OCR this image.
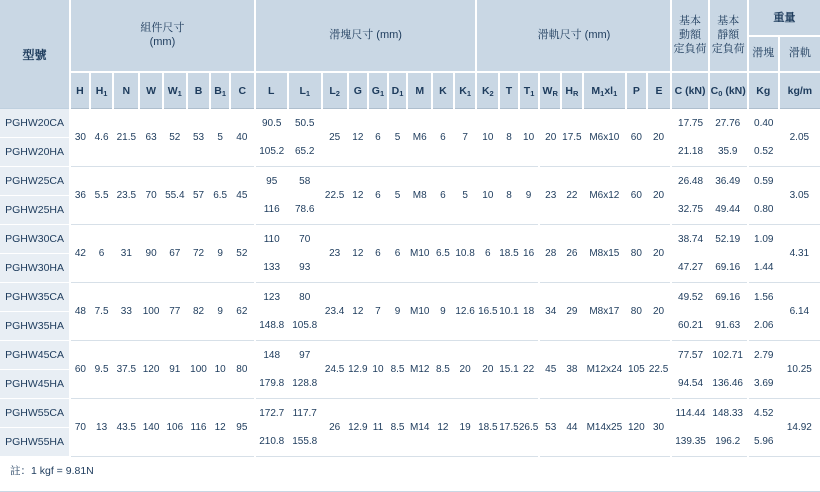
型號	組件尺寸
(mm)								滑塊尺寸 (mm)									滑軌尺寸 (mm)								基本
動額
定負荷	基本
靜額
定負荷	重量	
																												滑塊	滑軌
	H	$H_1$	N	W	$W_1$	B	$B_1$	C	L	$L_1$	$L_2$	G	$G_1$	$D_1$	M	K	$K_1$	$K_2$	T	$T_1$	$W_R$	$H_R$	$M_1xl_1$	P	E	C (kN)	$C_0$ (kN)	Kg	kg/m
PGHW20CA	30	4.6	21.5	63	52	53	5	40	90.5	50.5	25	12	6	5	M6	6	7	10	8	10	20	17.5	M6x10	60	20	17.75	27.76	0.40	2.05
PGHW20HA									105.2	65.2																21.18	35.9	0.52	
PGHW25CA	36	5.5	23.5	70	55.4	57	6.5	45	95	58	22.5	12	6	5	M8	6	5	10	8	9	23	22	M6x12	60	20	26.48	36.49	0.59	3.05
PGHW25HA									116	78.6																32.75	49.44	0.80	
PGHW30CA	42	6	31	90	67	72	9	52	110	70	23	12	6	6	M10	6.5	10.8	6	18.5	16	28	26	M8x15	80	20	38.74	52.19	1.09	4.31
PGHW30HA									133	93																47.27	69.16	1.44	
PGHW35CA	48	7.5	33	100	77	82	9	62	123	80	23.4	12	7	9	M10	9	12.6	16.5	10.1	18	34	29	M8x17	80	20	49.52	69.16	1.56	6.14
PGHW35HA									148.8	105.8																60.21	91.63	2.06	
PGHW45CA	60	9.5	37.5	120	91	100	10	80	148	97	24.5	12.9	10	8.5	M12	8.5	20	20	15.1	22	45	38	M12x24	105	22.5	77.57	102.71	2.79	10.25
PGHW45HA									179.8	128.8																94.54	136.46	3.69	
PGHW55CA	70	13	43.5	140	106	116	12	95	172.7	117.7	26	12.9	11	8.5	M14	12	19	18.5	17.5	26.5	53	44	M14x25	120	30	114.44	148.33	4.52	14.92
PGHW55HA									210.8	155.8																139.35	196.2	5.96	
註：1 kgf = 9.81N
